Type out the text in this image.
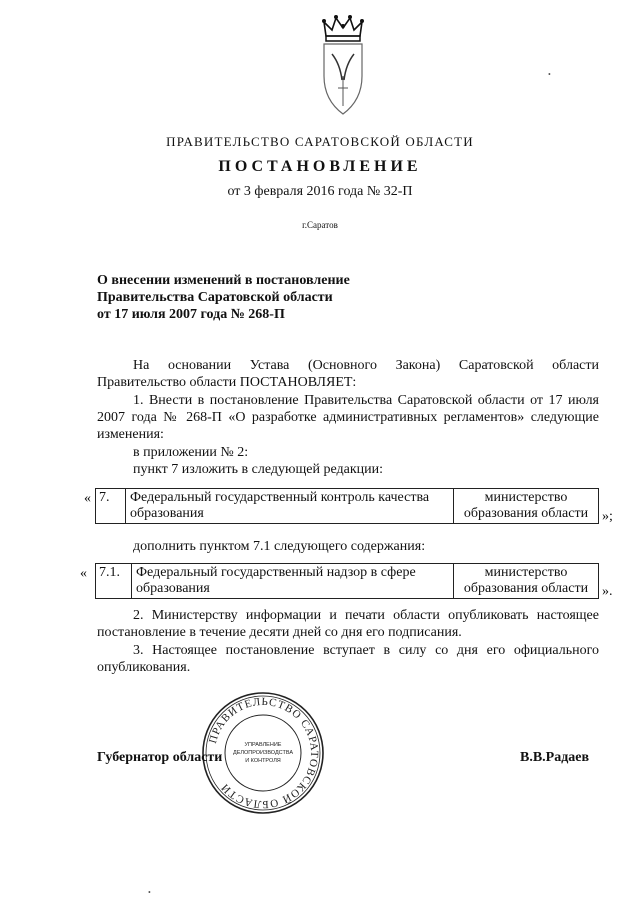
ПРАВИТЕЛЬСТВО САРАТОВСКОЙ ОБЛАСТИ
ПОСТАНОВЛЕНИЕ
от 3 февраля 2016 года № 32-П
г.Саратов
О внесении изменений в постановление
Правительства Саратовской области
от 17 июля 2007 года № 268-П
На основании Устава (Основного Закона) Саратовской области Правительство области ПОСТАНОВЛЯЕТ:
1. Внести в постановление Правительства Саратовской области от 17 июля 2007 года № 268-П «О разработке административных регламентов» следующие изменения:
в приложении № 2:
пункт 7 изложить в следующей редакции:
« 7.	Федеральный государственный контроль качества образования	министерство образования области »;
дополнить пунктом 7.1 следующего содержания:
« 7.1.	Федеральный государственный надзор в сфере образования	министерство образования области ».
2. Министерству информации и печати области опубликовать настоящее постановление в течение десяти дней со дня его подписания.
3. Настоящее постановление вступает в силу со дня его официального опубликования.
ПРАВИТЕЛЬСТВО САРАТОВСКОЙ ОБЛАСТИ
УПРАВЛЕНИЕ
ДЕЛОПРОИЗВОДСТВА
И КОНТРОЛЯ
Губернатор области	В.В.Радаев
•
•
